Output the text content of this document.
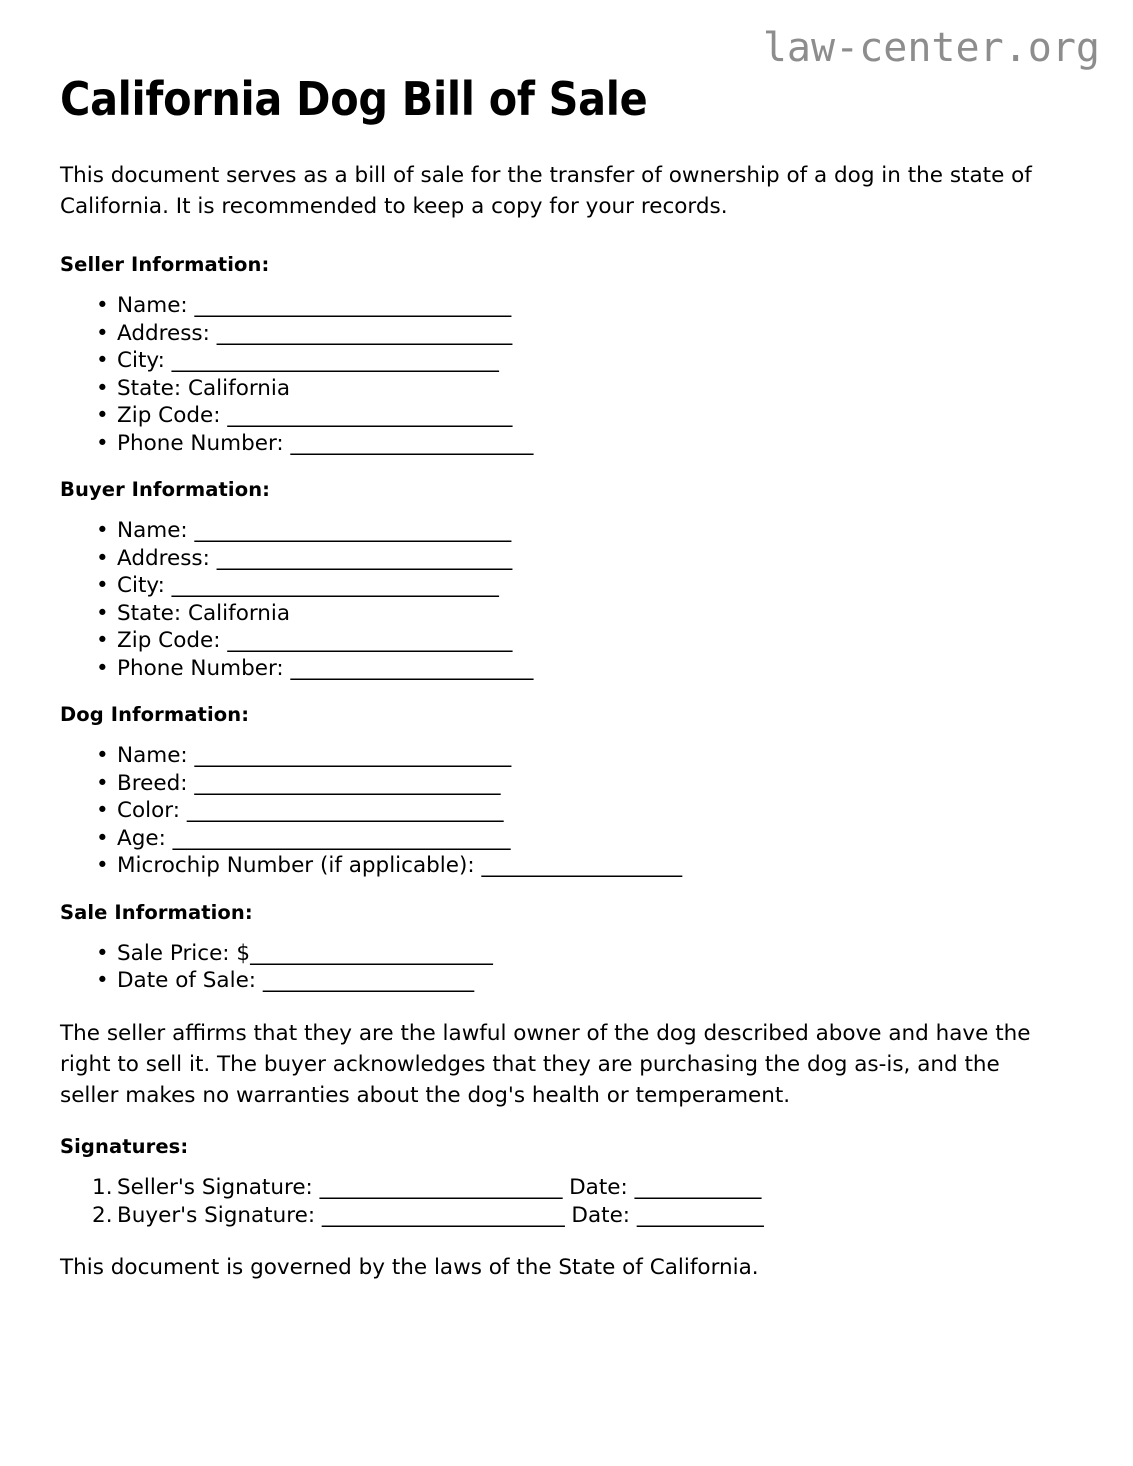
law-center.org
California Dog Bill of Sale

This document serves as a bill of sale for the transfer of ownership of a dog in the state of California. It is recommended to keep a copy for your records.

Seller Information:
• Name: ______________________________
• Address: ____________________________
• City: _______________________________
• State: California
• Zip Code: ___________________________
• Phone Number: _______________________
Buyer Information:
• Name: ______________________________
• Address: ____________________________
• City: _______________________________
• State: California
• Zip Code: ___________________________
• Phone Number: _______________________
Dog Information:
• Name: ______________________________
• Breed: _____________________________
• Color: ______________________________
• Age: ________________________________
• Microchip Number (if applicable): ___________________
Sale Information:
• Sale Price: $_______________________
• Date of Sale: ____________________

The seller affirms that they are the lawful owner of the dog described above and have the right to sell it. The buyer acknowledges that they are purchasing the dog as-is, and the seller makes no warranties about the dog's health or temperament.

Signatures:
Seller's Signature: _______________________ Date: ____________
Buyer's Signature: _______________________ Date: ____________

This document is governed by the laws of the State of California.
